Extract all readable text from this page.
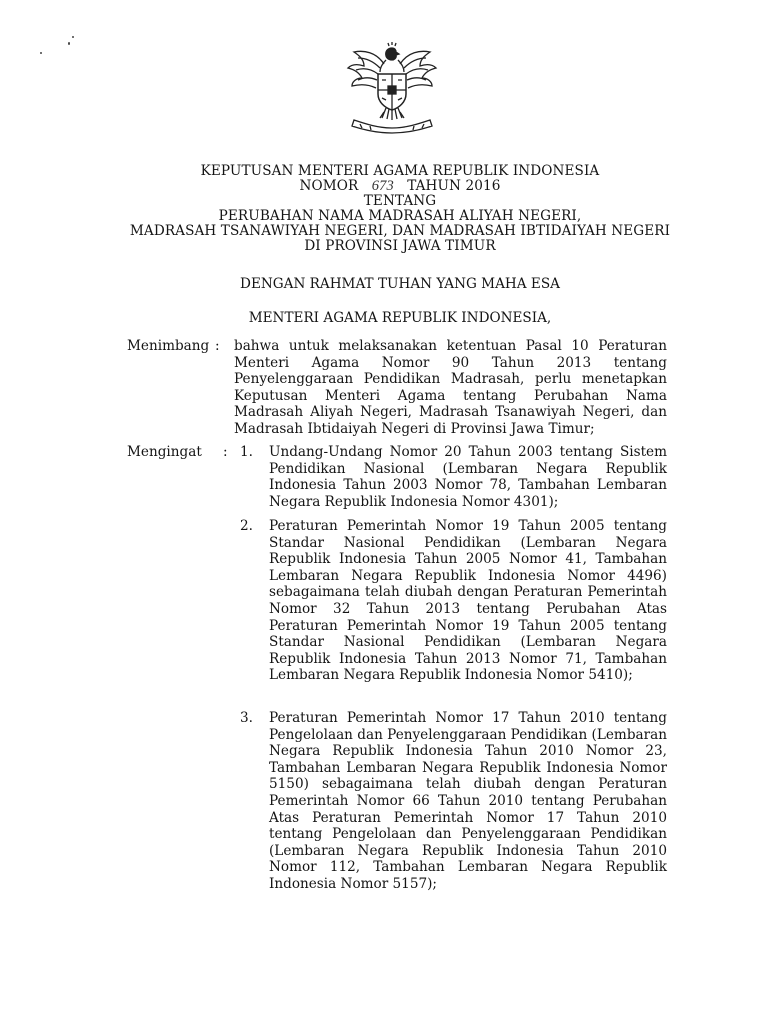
KEPUTUSAN MENTERI AGAMA REPUBLIK INDONESIA
NOMOR 673 TAHUN 2016
TENTANG
PERUBAHAN NAMA MADRASAH ALIYAH NEGERI,
MADRASAH TSANAWIYAH NEGERI, DAN MADRASAH IBTIDAIYAH NEGERI
DI PROVINSI JAWA TIMUR
DENGAN RAHMAT TUHAN YANG MAHA ESA
MENTERI AGAMA REPUBLIK INDONESIA,
Menimbang : bahwa untuk melaksanakan ketentuan Pasal 10 Peraturan Menteri Agama Nomor 90 Tahun 2013 tentang Penyelenggaraan Pendidikan Madrasah, perlu menetapkan Keputusan Menteri Agama tentang Perubahan Nama Madrasah Aliyah Negeri, Madrasah Tsanawiyah Negeri, dan Madrasah Ibtidaiyah Negeri di Provinsi Jawa Timur;
Mengingat : 1. Undang-Undang Nomor 20 Tahun 2003 tentang Sistem Pendidikan Nasional (Lembaran Negara Republik Indonesia Tahun 2003 Nomor 78, Tambahan Lembaran Negara Republik Indonesia Nomor 4301);
2. Peraturan Pemerintah Nomor 19 Tahun 2005 tentang Standar Nasional Pendidikan (Lembaran Negara Republik Indonesia Tahun 2005 Nomor 41, Tambahan Lembaran Negara Republik Indonesia Nomor 4496) sebagaimana telah diubah dengan Peraturan Pemerintah Nomor 32 Tahun 2013 tentang Perubahan Atas Peraturan Pemerintah Nomor 19 Tahun 2005 tentang Standar Nasional Pendidikan (Lembaran Negara Republik Indonesia Tahun 2013 Nomor 71, Tambahan Lembaran Negara Republik Indonesia Nomor 5410);
3. Peraturan Pemerintah Nomor 17 Tahun 2010 tentang Pengelolaan dan Penyelenggaraan Pendidikan (Lembaran Negara Republik Indonesia Tahun 2010 Nomor 23, Tambahan Lembaran Negara Republik Indonesia Nomor 5150) sebagaimana telah diubah dengan Peraturan Pemerintah Nomor 66 Tahun 2010 tentang Perubahan Atas Peraturan Pemerintah Nomor 17 Tahun 2010 tentang Pengelolaan dan Penyelenggaraan Pendidikan (Lembaran Negara Republik Indonesia Tahun 2010 Nomor 112, Tambahan Lembaran Negara Republik Indonesia Nomor 5157);
